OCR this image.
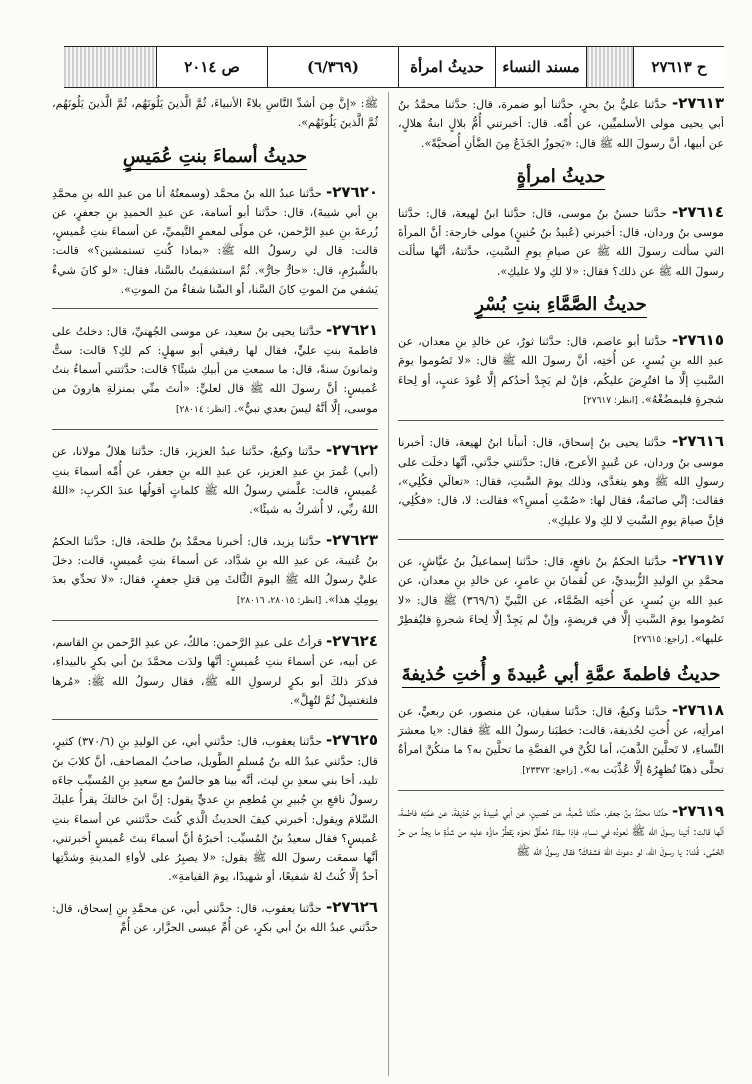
ح ٢٧٦١٣
مسند النساء
حديثُ امرأة
(٦/٣٦٩)
ص ٢٠١٤

٢٧٦١٣- حدَّثنا عليُّ بنُ بحرٍ، حدَّثنا أبو ضمرة، قال: حدَّثنا محمَّدُ بنُ أبي يحيى مولى الأسلميِّين، عن أُمِّه. قال: أخبرتني أُمُّ بلالٍ ابنةُ هلالٍ، عن أبيها، أنَّ رسولَ الله ﷺ قال: «يَجوزُ الجَذَعُ مِنَ الضَّأنِ أُضحيَّةً».

حديثُ امرأةٍ

٢٧٦١٤- حدَّثنا حسنُ بنُ موسى، قال: حدَّثنا ابنُ لهيعة، قال: حدَّثنا موسى بنُ وردان، قال: أخبرني (عُبيدُ بنُ حُنينٍ) مولى خارجة: أنَّ المرأةَ التي سألت رسولَ الله ﷺ عن صيامِ يومِ السَّبتِ، حدَّثتهُ، أنَّها سألَت رسولَ الله ﷺ عن ذلك؟ فقال: «لا لكِ ولا عليكِ».

حديثُ الصَّمَّاءِ بنتِ بُسْرٍ

٢٧٦١٥- حدَّثنا أبو عاصم، قال: حدَّثنا ثورٌ، عن خالدِ بنِ معدان، عن عبدِ الله بنِ بُسرٍ، عن أُختِه، أنَّ رسولَ الله ﷺ قال: «لا تَصُوموا يومَ السَّبتِ إلَّا ما افتُرِضَ عليكُم، فإنْ لم يَجِدْ أحدُكم إلَّا عُودَ عنبٍ، أو لِحاءَ شجرةٍ فليمضُغْهُ». [انظر: ٢٧٦١٧]

٢٧٦١٦- حدَّثنا يحيى بنُ إسحاق، قال: أنبأنا ابنُ لهيعة، قال: أخبرنا موسى بنُ وردان، عن عُبيدٍ الأعرج، قال: حدَّثتني جدَّتي، أنَّها دخلَت على رسولِ الله ﷺ وهو يتغدَّى، وذلك يومَ السَّبتِ، فقال: «تعالَي فكُلِي»، فقالت: إنِّي صائمةٌ، فقال لها: «صُمْتِ أمسِ؟» فقالت: لا، قال: «فكُلِي، فإنَّ صيامَ يومِ السَّبتِ لا لكِ ولا عليكِ».

٢٧٦١٧- حدَّثنا الحكمُ بنُ نافعٍ، قال: حدَّثنا إسماعيلُ بنُ عيَّاشٍ، عن محمَّدِ بنِ الوليدِ الزُّبيديِّ، عن لُقمانَ بنِ عامرٍ، عن خالدِ بنِ معدان، عن عبدِ الله بنِ بُسرٍ، عن أُختِه الصَّمَّاء، عن النَّبيِّ (٣٦٩/٦) ﷺ قال: «لا تَصُوموا يومَ السَّبتِ إلَّا في فريضةٍ، وإنْ لم يَجِدْ إلَّا لِحاءَ شجرةٍ فليُفطِرْ عليها». [راجع: ٢٧٦١٥]

حديثُ فاطمةَ عمَّةِ أبي عُبيدةَ و أُختِ حُذيفةَ

٢٧٦١٨- حدَّثنا وكيعٌ، قال: حدَّثنا سفيان، عن منصور، عن ربعيٍّ، عن امرأتِه، عن أُختِ لحُذيفة، قالت: خطبَنا رسولُ الله ﷺ فقال: «يا معشرَ النِّساءِ، لا تَحلَّينَ الذَّهبَ، أما لكُنَّ في الفضَّةِ ما تحلَّينَ به؟ ما منكُنَّ امرأةٌ تحلَّى ذهبًا تُظهِرُهُ إلَّا عُذِّبَت به». [راجع: ٢٣٣٧٢]

٢٧٦١٩- حدَّثنا محمَّدُ بنُ جعفر، حدَّثنا شُعبةُ، عن حُصينٍ، عن أبي عُبيدةَ بنِ حُذيفةَ، عن عمَّتِه فاطمةَ، أنَّها قالت: أتينا رسولَ الله ﷺ نَعودُه في نساءٍ، فإذا سِقاءٌ مُعلَّقٌ نحوَه يَقطُرُ ماؤُه عليه من شدَّةِ ما يجدُ من حرِّ الحُمَّى. قُلنا: يا رسولَ الله، لو دعوتَ اللهَ فشفاكَ؟ فقال رسولُ الله ﷺ

ﷺ: «إنَّ مِن أشدِّ النَّاسِ بلاءً الأنبياءَ، ثُمَّ الَّذينَ يَلُونَهُم، ثُمَّ الَّذينَ يَلُونَهُم، ثُمَّ الَّذينَ يَلُونَهُم».

حديثُ أسماءَ بنتِ عُمَيسٍ

٢٧٦٢٠- حدَّثنا عبدُ الله بنُ محمَّد (وسمعتُهُ أنا من عبدِ الله بنِ محمَّدِ بنِ أبي شيبةَ)، قال: حدَّثنا أبو أسامة، عن عبدِ الحميدِ بنِ جعفرٍ، عن زُرعةَ بنِ عبدِ الرَّحمن، عن مولًى لمعمرٍ التَّيميِّ، عن أسماءَ بنتِ عُميسٍ، قالت: قال لي رسولُ الله ﷺ: «بماذا كُنتِ تستمشين؟» قالت: بالشُّبرُمِ، قال: «حارٌّ جارٌّ». ثُمَّ استشفيتُ بالسَّنا، فقال: «لو كانَ شيءٌ يَشفي منَ الموتِ كانَ السَّنا، أو السَّنا شفاءٌ منَ الموتِ».

٢٧٦٢١- حدَّثنا يحيى بنُ سعيد، عن موسى الجُهنيِّ، قال: دخلتُ على فاطمةَ بنتِ عليٍّ، فقال لها رفيقي أبو سهلٍ: كم لكِ؟ قالت: ستٌّ وثمانونَ سنةً، قال: ما سمعتِ من أبيكِ شيئًا؟ قالت: حدَّثتني أسماءُ بنتُ عُميسٍ: أنَّ رسولَ الله ﷺ قال لعليٍّ: «أنتَ منِّي بمنزلةِ هارونَ من موسى، إلَّا أنَّهُ ليسَ بعدي نبيٌّ». [انظر: ٢٨٠١٤]

٢٧٦٢٢- حدَّثنا وكيعٌ، حدَّثنا عبدُ العزيز، قال: حدَّثنا هلالٌ مولانا، عن (أبي) عُمرَ بنِ عبدِ العزيز، عن عبدِ الله بنِ جعفر، عن أُمِّه أسماءَ بنتِ عُميسٍ، قالت: علَّمني رسولُ الله ﷺ كلماتٍ أقولُها عندَ الكربِ: «اللهُ اللهُ ربِّي، لا أُشركُ به شيئًا».

٢٧٦٢٣- حدَّثنا يزيد، قال: أخبرنا محمَّدُ بنُ طلحة، قال: حدَّثنا الحكمُ بنُ عُتيبة، عن عبدِ الله بنِ شدَّاد، عن أسماءَ بنتِ عُميسٍ، قالت: دخلَ عليَّ رسولُ الله ﷺ اليومَ الثَّالثَ مِن قتلِ جعفرٍ، فقال: «لا تحدِّي بعدَ يومِكِ هذا». [انظر: ٢٨٠١٥، ٢٨٠١٦]

٢٧٦٢٤- قرأتُ على عبدِ الرَّحمن: مالكٌ، عن عبدِ الرَّحمن بنِ القاسم، عن أبيه، عن أسماءَ بنتِ عُميسٍ: أنَّها ولدَت محمَّدَ بنَ أبي بكرٍ بالبيداءِ، فذكرَ ذلكَ أبو بكرٍ لرسولِ الله ﷺ، فقال رسولُ الله ﷺ: «مُرها فلتغتسِلْ ثُمَّ لتُهِلَّ».

٢٧٦٢٥- حدَّثنا يعقوب، قال: حدَّثني أبي، عن الوليدِ بنِ (٣٧٠/٦) كثيرٍ، قال: حدَّثني عبدُ الله بنُ مُسلمٍ الطَّويل، صاحبُ المصاحف، أنَّ كلابَ بنَ تليد، أخا بني سعدِ بنِ ليث، أنَّه بينا هو جالسٌ مع سعيدِ بنِ المُسيِّب جاءَه رسولُ نافعِ بنِ جُبيرِ بنِ مُطعِمِ بنِ عديٍّ يقول: إنَّ ابنَ خالتكَ يقرأُ عليكَ السَّلامَ ويقول: أخبرني كيفَ الحديثُ الَّذي كُنتَ حدَّثتني عن أسماءَ بنتِ عُميسٍ؟ فقال سعيدُ بنُ المُسيِّب: أخبرُهُ أنَّ أسماءَ بنتَ عُميسٍ أخبرتني، أنَّها سمعَت رسولَ الله ﷺ يقول: «لا يصبِرُ على لأواءِ المدينةِ وشدَّتِها أحدٌ إلَّا كُنتُ لهُ شفيعًا، أو شهيدًا، يومَ القيامةِ».

٢٧٦٢٦- حدَّثنا يعقوب، قال: حدَّثني أبي، عن محمَّدِ بنِ إسحاق، قال: حدَّثني عبدُ الله بنُ أبي بكرٍ، عن أُمِّ عيسى الجزَّار، عن أُمِّ
